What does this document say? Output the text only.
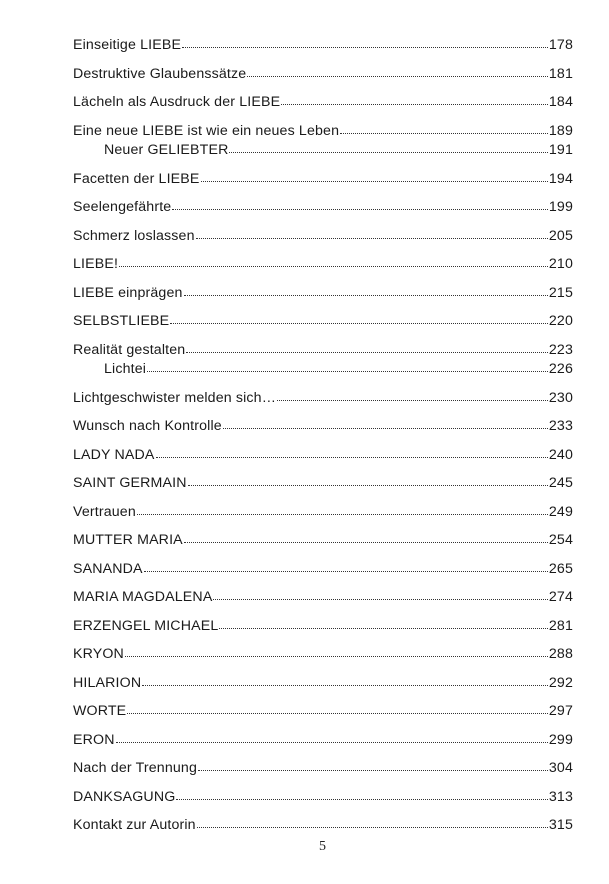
Einseitige LIEBE	178
Destruktive Glaubenssätze	181
Lächeln als Ausdruck der LIEBE	184
Eine neue LIEBE ist wie ein neues Leben	189
Neuer GELIEBTER	191
Facetten der LIEBE	194
Seelengefährte	199
Schmerz loslassen	205
LIEBE!	210
LIEBE einprägen	215
SELBSTLIEBE	220
Realität gestalten	223
Lichtei	226
Lichtgeschwister melden sich…	230
Wunsch nach Kontrolle	233
LADY NADA	240
SAINT GERMAIN	245
Vertrauen	249
MUTTER MARIA	254
SANANDA	265
MARIA MAGDALENA	274
ERZENGEL MICHAEL	281
KRYON	288
HILARION	292
WORTE	297
ERON	299
Nach der Trennung	304
DANKSAGUNG	313
Kontakt zur Autorin	315
5
